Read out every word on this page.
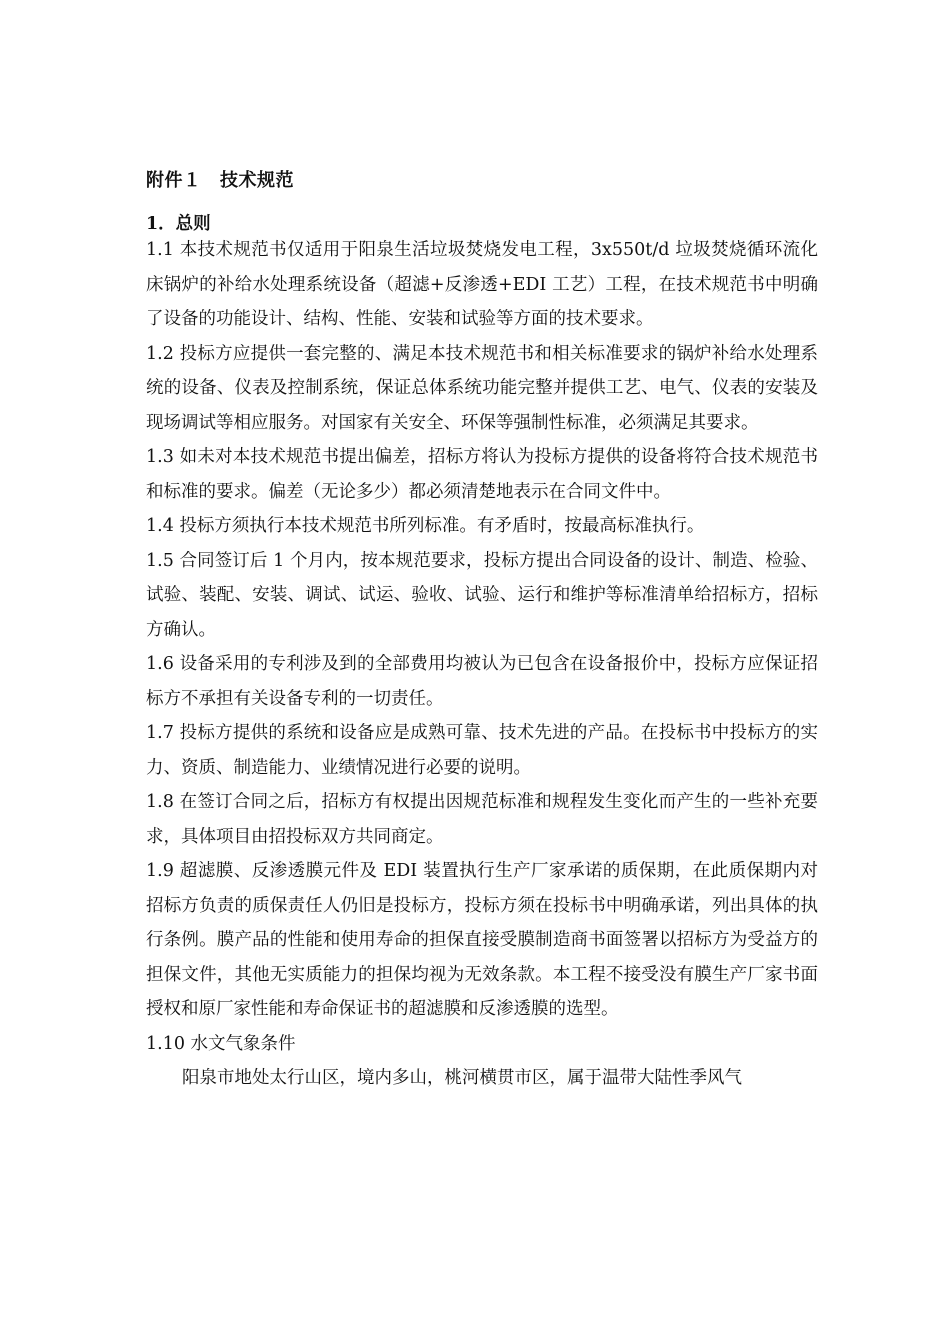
附件１　技术规范
1．总则

1.1 本技术规范书仅适用于阳泉生活垃圾焚烧发电工程，3x550t/d 垃圾焚烧循环流化床锅炉的补给水处理系统设备（超滤+反渗透+EDI 工艺）工程，在技术规范书中明确了设备的功能设计、结构、性能、安装和试验等方面的技术要求。

1.2 投标方应提供一套完整的、满足本技术规范书和相关标准要求的锅炉补给水处理系统的设备、仪表及控制系统，保证总体系统功能完整并提供工艺、电气、仪表的安装及现场调试等相应服务。对国家有关安全、环保等强制性标准，必须满足其要求。

1.3 如未对本技术规范书提出偏差，招标方将认为投标方提供的设备将符合技术规范书和标准的要求。偏差（无论多少）都必须清楚地表示在合同文件中。

1.4 投标方须执行本技术规范书所列标准。有矛盾时，按最高标准执行。

1.5 合同签订后 1 个月内，按本规范要求，投标方提出合同设备的设计、制造、检验、试验、装配、安装、调试、试运、验收、试验、运行和维护等标准清单给招标方，招标方确认。

1.6 设备采用的专利涉及到的全部费用均被认为已包含在设备报价中，投标方应保证招标方不承担有关设备专利的一切责任。

1.7 投标方提供的系统和设备应是成熟可靠、技术先进的产品。在投标书中投标方的实力、资质、制造能力、业绩情况进行必要的说明。

1.8 在签订合同之后，招标方有权提出因规范标准和规程发生变化而产生的一些补充要求，具体项目由招投标双方共同商定。

1.9 超滤膜、反渗透膜元件及 EDI 装置执行生产厂家承诺的质保期，在此质保期内对招标方负责的质保责任人仍旧是投标方，投标方须在投标书中明确承诺，列出具体的执行条例。膜产品的性能和使用寿命的担保直接受膜制造商书面签署以招标方为受益方的担保文件，其他无实质能力的担保均视为无效条款。本工程不接受没有膜生产厂家书面授权和原厂家性能和寿命保证书的超滤膜和反渗透膜的选型。

1.10 水文气象条件

阳泉市地处太行山区，境内多山，桃河横贯市区，属于温带大陆性季风气
